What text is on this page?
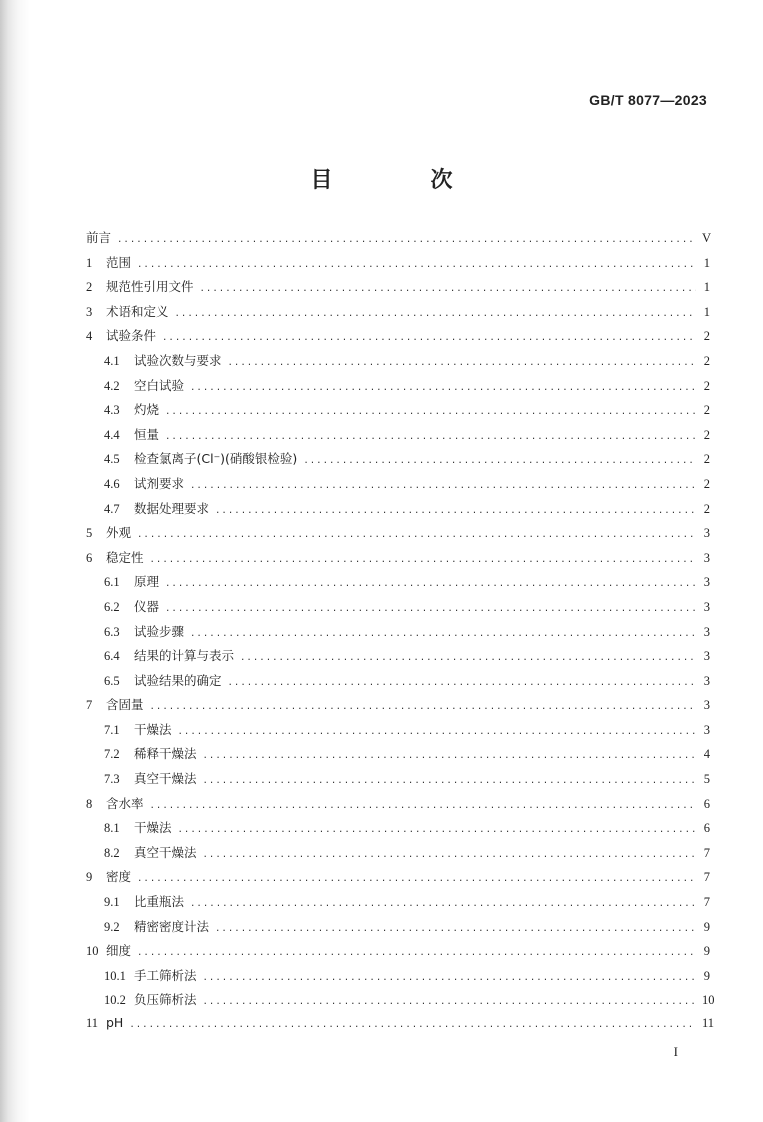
GB/T 8077—2023
目　次
前言 .....	V
1	范围 .....	1
2	规范性引用文件 .....	1
3	术语和定义 .....	1
4	试验条件 .....	2
4.1	试验次数与要求 .....	2
4.2	空白试验 .....	2
4.3	灼烧 .....	2
4.4	恒量 .....	2
4.5	检查氯离子(Cl⁻)(硝酸银检验) .....	2
4.6	试剂要求 .....	2
4.7	数据处理要求 .....	2
5	外观 .....	3
6	稳定性 .....	3
6.1	原理 .....	3
6.2	仪器 .....	3
6.3	试验步骤 .....	3
6.4	结果的计算与表示 .....	3
6.5	试验结果的确定 .....	3
7	含固量 .....	3
7.1	干燥法 .....	3
7.2	稀释干燥法 .....	4
7.3	真空干燥法 .....	5
8	含水率 .....	6
8.1	干燥法 .....	6
8.2	真空干燥法 .....	7
9	密度 .....	7
9.1	比重瓶法 .....	7
9.2	精密密度计法 .....	9
10 细度 .....	9
10.1 手工筛析法 .....	9
10.2 负压筛析法 .....	10
11 pH .....	11
I
